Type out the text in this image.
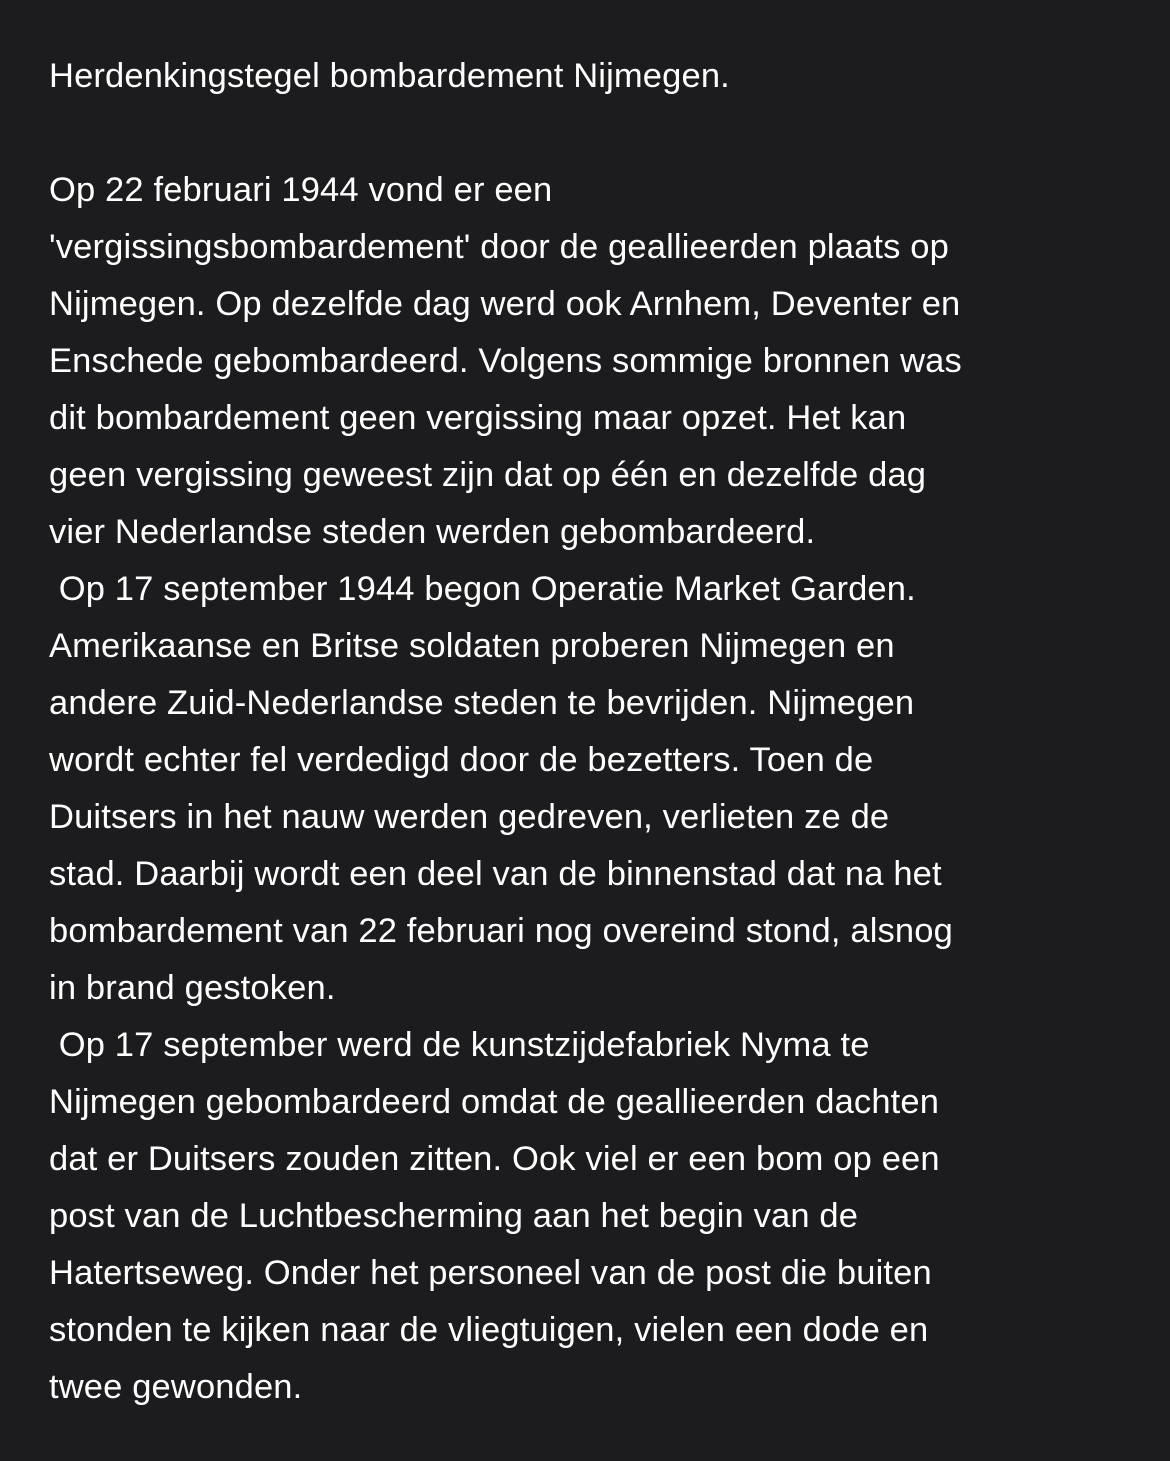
Herdenkingstegel bombardement Nijmegen.
Op 22 februari 1944 vond er een
'vergissingsbombardement' door de geallieerden plaats op
Nijmegen. Op dezelfde dag werd ook Arnhem, Deventer en
Enschede gebombardeerd. Volgens sommige bronnen was
dit bombardement geen vergissing maar opzet. Het kan
geen vergissing geweest zijn dat op één en dezelfde dag
vier Nederlandse steden werden gebombardeerd.
Op 17 september 1944 begon Operatie Market Garden.
Amerikaanse en Britse soldaten proberen Nijmegen en
andere Zuid-Nederlandse steden te bevrijden. Nijmegen
wordt echter fel verdedigd door de bezetters. Toen de
Duitsers in het nauw werden gedreven, verlieten ze de
stad. Daarbij wordt een deel van de binnenstad dat na het
bombardement van 22 februari nog overeind stond, alsnog
in brand gestoken.
Op 17 september werd de kunstzijdefabriek Nyma te
Nijmegen gebombardeerd omdat de geallieerden dachten
dat er Duitsers zouden zitten. Ook viel er een bom op een
post van de Luchtbescherming aan het begin van de
Hatertseweg. Onder het personeel van de post die buiten
stonden te kijken naar de vliegtuigen, vielen een dode en
twee gewonden.
